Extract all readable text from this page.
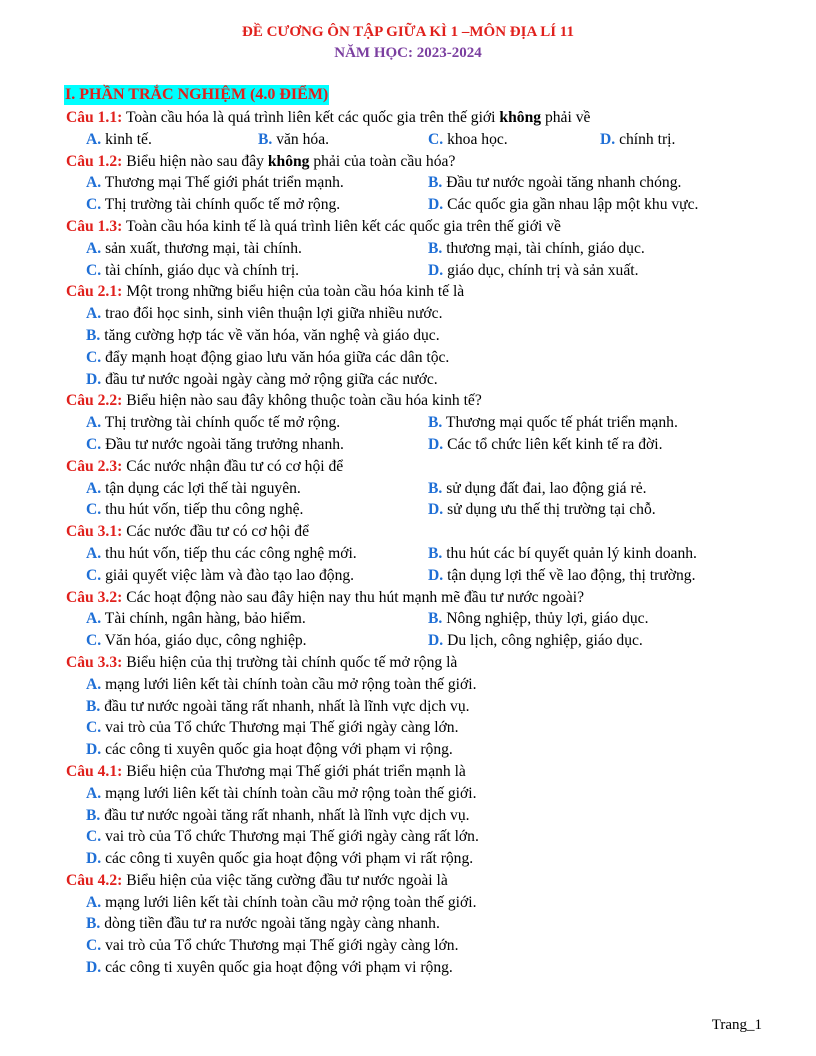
ĐỀ CƯƠNG ÔN TẬP GIỮA KÌ 1 –MÔN ĐỊA LÍ 11
NĂM HỌC: 2023-2024
I. PHẦN TRẮC NGHIỆM (4.0 ĐIỂM)
Câu 1.1: Toàn cầu hóa là quá trình liên kết các quốc gia trên thế giới không phải về
A. kinh tế.	B. văn hóa.	C. khoa học.	D. chính trị.
Câu 1.2: Biểu hiện nào sau đây không phải của toàn cầu hóa?
A. Thương mại Thế giới phát triển mạnh.	B. Đầu tư nước ngoài tăng nhanh chóng.
C. Thị trường tài chính quốc tế mở rộng.	D. Các quốc gia gần nhau lập một khu vực.
Câu 1.3: Toàn cầu hóa kinh tế là quá trình liên kết các quốc gia trên thế giới về
A. sản xuất, thương mại, tài chính.	B. thương mại, tài chính, giáo dục.
C. tài chính, giáo dục và chính trị.	D. giáo dục, chính trị và sản xuất.
Câu 2.1: Một trong những biểu hiện của toàn cầu hóa kinh tế là
A. trao đổi học sinh, sinh viên thuận lợi giữa nhiều nước.
B. tăng cường hợp tác về văn hóa, văn nghệ và giáo dục.
C. đẩy mạnh hoạt động giao lưu văn hóa giữa các dân tộc.
D. đầu tư nước ngoài ngày càng mở rộng giữa các nước.
Câu 2.2: Biểu hiện nào sau đây không thuộc toàn cầu hóa kinh tế?
A. Thị trường tài chính quốc tế mở rộng.	B. Thương mại quốc tế phát triển mạnh.
C. Đầu tư nước ngoài tăng trưởng nhanh.	D. Các tổ chức liên kết kinh tế ra đời.
Câu 2.3: Các nước nhận đầu tư có cơ hội để
A. tận dụng các lợi thế tài nguyên.	B. sử dụng đất đai, lao động giá rẻ.
C. thu hút vốn, tiếp thu công nghệ.	D. sử dụng ưu thế thị trường tại chỗ.
Câu 3.1: Các nước đầu tư có cơ hội để
A. thu hút vốn, tiếp thu các công nghệ mới.	B. thu hút các bí quyết quản lý kinh doanh.
C. giải quyết việc làm và đào tạo lao động.	D. tận dụng lợi thế về lao động, thị trường.
Câu 3.2: Các hoạt động nào sau đây hiện nay thu hút mạnh mẽ đầu tư nước ngoài?
A. Tài chính, ngân hàng, bảo hiểm.	B. Nông nghiệp, thủy lợi, giáo dục.
C. Văn hóa, giáo dục, công nghiệp.	D. Du lịch, công nghiệp, giáo dục.
Câu 3.3: Biểu hiện của thị trường tài chính quốc tế mở rộng là
A. mạng lưới liên kết tài chính toàn cầu mở rộng toàn thế giới.
B. đầu tư nước ngoài tăng rất nhanh, nhất là lĩnh vực dịch vụ.
C. vai trò của Tổ chức Thương mại Thế giới ngày càng lớn.
D. các công ti xuyên quốc gia hoạt động với phạm vi rộng.
Câu 4.1: Biểu hiện của Thương mại Thế giới phát triển mạnh là
A. mạng lưới liên kết tài chính toàn cầu mở rộng toàn thế giới.
B. đầu tư nước ngoài tăng rất nhanh, nhất là lĩnh vực dịch vụ.
C. vai trò của Tổ chức Thương mại Thế giới ngày càng rất lớn.
D. các công ti xuyên quốc gia hoạt động với phạm vi rất rộng.
Câu 4.2: Biểu hiện của việc tăng cường đầu tư nước ngoài là
A. mạng lưới liên kết tài chính toàn cầu mở rộng toàn thế giới.
B. dòng tiền đầu tư ra nước ngoài tăng ngày càng nhanh.
C. vai trò của Tổ chức Thương mại Thế giới ngày càng lớn.
D. các công ti xuyên quốc gia hoạt động với phạm vi rộng.
Trang_1
